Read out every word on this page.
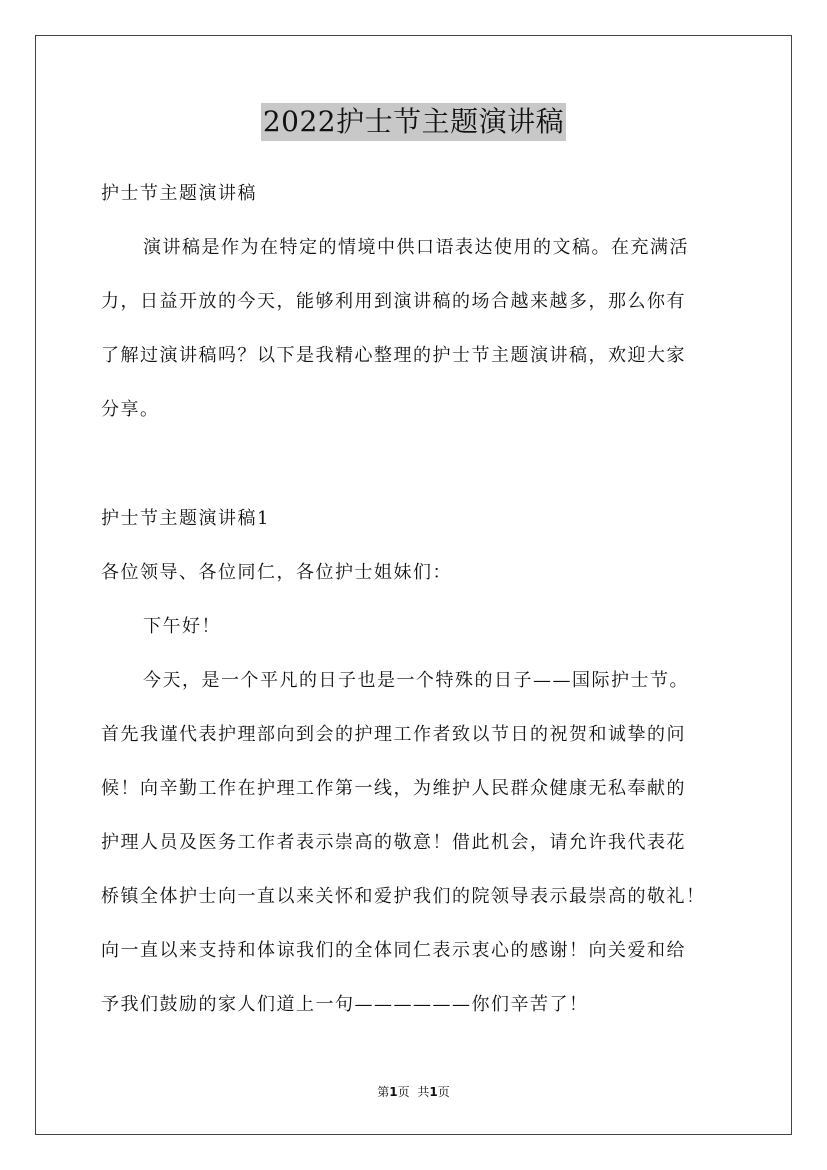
2022护士节主题演讲稿
护士节主题演讲稿
演讲稿是作为在特定的情境中供口语表达使用的文稿。在充满活
力，日益开放的今天，能够利用到演讲稿的场合越来越多，那么你有
了解过演讲稿吗？以下是我精心整理的护士节主题演讲稿，欢迎大家
分享。
护士节主题演讲稿1
各位领导、各位同仁，各位护士姐妹们：
下午好！
今天，是一个平凡的日子也是一个特殊的日子——国际护士节。
首先我谨代表护理部向到会的护理工作者致以节日的祝贺和诚挚的问
候！向辛勤工作在护理工作第一线，为维护人民群众健康无私奉献的
护理人员及医务工作者表示崇高的敬意！借此机会，请允许我代表花
桥镇全体护士向一直以来关怀和爱护我们的院领导表示最崇高的敬礼！
向一直以来支持和体谅我们的全体同仁表示衷心的感谢！向关爱和给
予我们鼓励的家人们道上一句——————你们辛苦了！
第1页 共1页
